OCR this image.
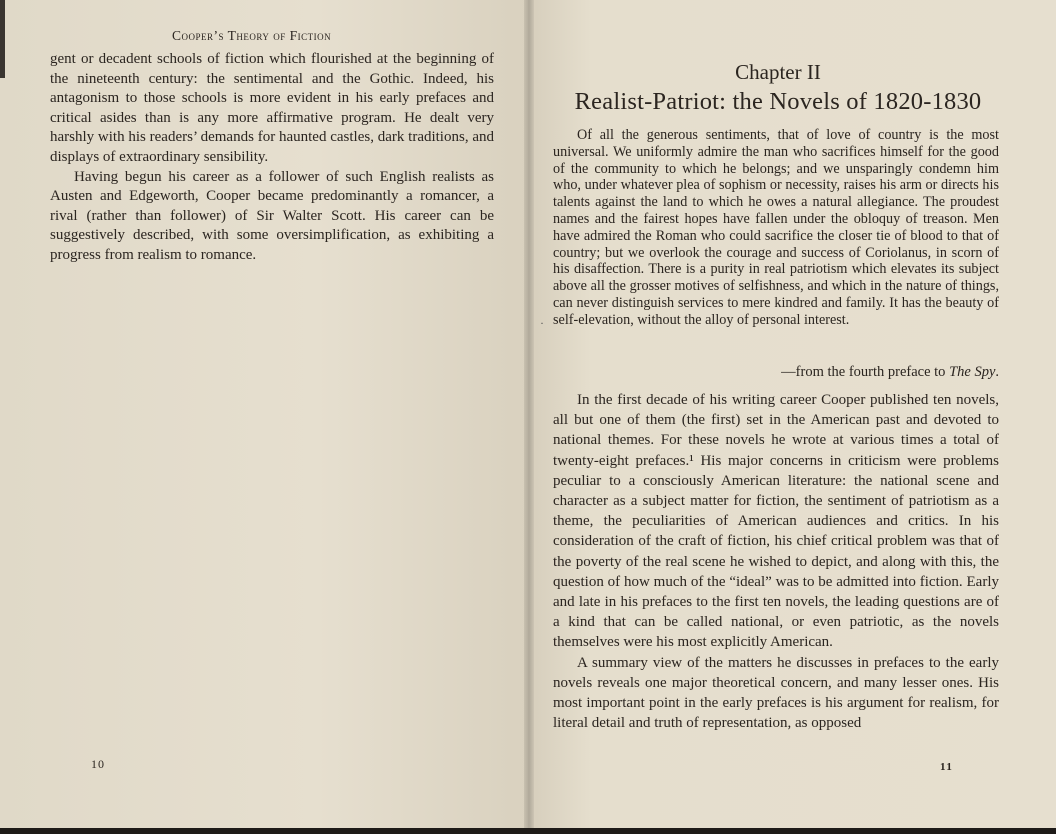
Cooper’s Theory of Fiction

gent or decadent schools of fiction which flourished at the beginning of the nineteenth century: the sentimental and the Gothic. Indeed, his antagonism to those schools is more evident in his early prefaces and critical asides than is any more affirmative program. He dealt very harshly with his readers’ demands for haunted castles, dark traditions, and displays of extraordinary sensibility.

Having begun his career as a follower of such English realists as Austen and Edgeworth, Cooper became predominantly a romancer, a rival (rather than follower) of Sir Walter Scott. His career can be suggestively described, with some oversimplification, as exhibiting a progress from realism to romance.

10
Chapter II
Realist-Patriot: the Novels of 1820-1830

Of all the generous sentiments, that of love of country is the most universal. We uniformly admire the man who sacrifices himself for the good of the community to which he belongs; and we unsparingly condemn him who, under whatever plea of sophism or necessity, raises his arm or directs his talents against the land to which he owes a natural allegiance. The proudest names and the fairest hopes have fallen under the obloquy of treason. Men have admired the Roman who could sacrifice the closer tie of blood to that of country; but we overlook the courage and success of Coriolanus, in scorn of his disaffection. There is a purity in real patriotism which elevates its subject above all the grosser motives of selfishness, and which in the nature of things, can never distinguish services to mere kindred and family. It has the beauty of self-elevation, without the alloy of personal interest.

—from the fourth preface to The Spy.
·

In the first decade of his writing career Cooper published ten novels, all but one of them (the first) set in the American past and devoted to national themes. For these novels he wrote at various times a total of twenty-eight prefaces.¹ His major concerns in criticism were problems peculiar to a consciously American literature: the national scene and character as a subject matter for fiction, the sentiment of patriotism as a theme, the peculiarities of American audiences and critics. In his consideration of the craft of fiction, his chief critical problem was that of the poverty of the real scene he wished to depict, and along with this, the question of how much of the “ideal” was to be admitted into fiction. Early and late in his prefaces to the first ten novels, the leading questions are of a kind that can be called national, or even patriotic, as the novels themselves were his most explicitly American.

A summary view of the matters he discusses in prefaces to the early novels reveals one major theoretical concern, and many lesser ones. His most important point in the early prefaces is his argument for realism, for literal detail and truth of representation, as opposed

11
